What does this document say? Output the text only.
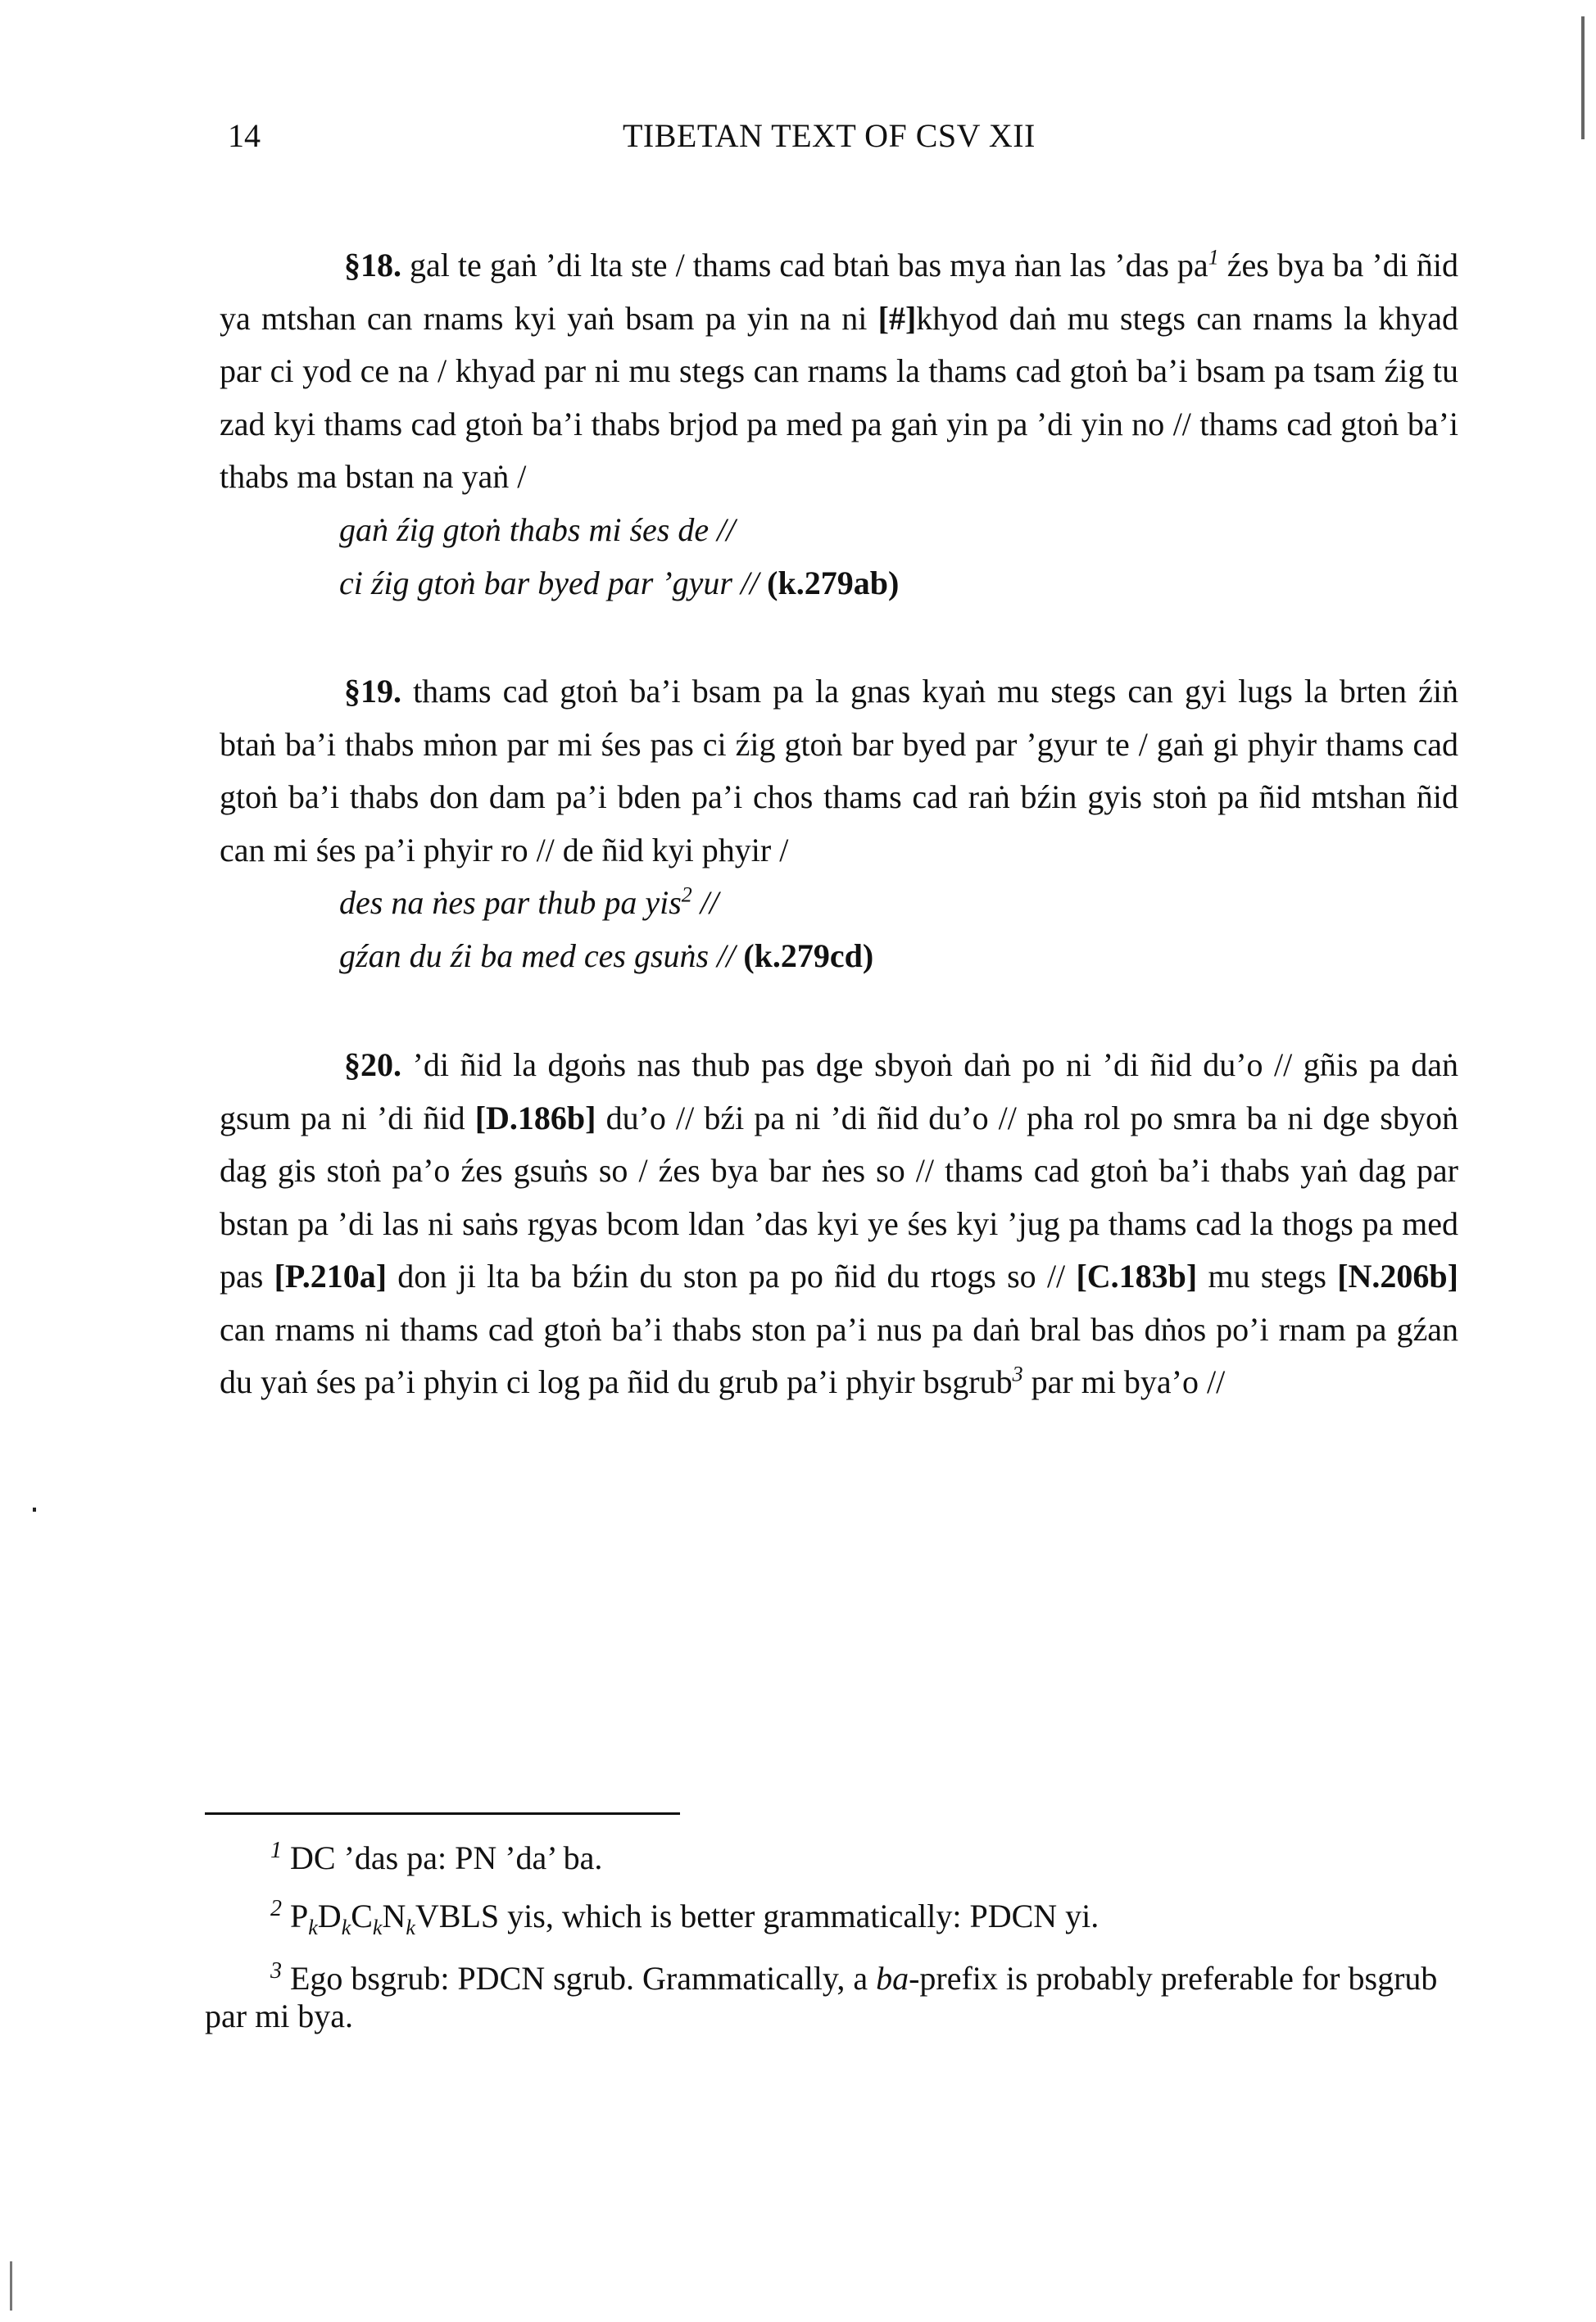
14	TIBETAN TEXT OF CSV XII

§18. gal te gaṅ ’di lta ste / thams cad btaṅ bas mya ṅan las ’das $pa^1$ źes bya ba ’di ñid ya mtshan can rnams kyi yaṅ bsam pa yin na ni [#]khyod daṅ mu stegs can rnams la khyad par ci yod ce na / khyad par ni mu stegs can rnams la thams cad gtoṅ ba’i bsam pa tsam źig tu zad kyi thams cad gtoṅ ba’i thabs brjod pa med pa gaṅ yin pa ’di yin no // thams cad gtoṅ ba’i thabs ma bstan na yaṅ /

gaṅ źig gtoṅ thabs mi śes de //
ci źig gtoṅ bar byed par ’gyur // (k.279ab)

§19. thams cad gtoṅ ba’i bsam pa la gnas kyaṅ mu stegs can gyi lugs la brten źiṅ btaṅ ba’i thabs mṅon par mi śes pas ci źig gtoṅ bar byed par ’gyur te / gaṅ gi phyir thams cad gtoṅ ba’i thabs don dam pa’i bden pa’i chos thams cad raṅ bźin gyis stoṅ pa ñid mtshan ñid can mi śes pa’i phyir ro // de ñid kyi phyir /

des na ṅes par thub pa yis$^2$ //
gźan du źi ba med ces gsuṅs // (k.279cd)

§20. ’di ñid la dgoṅs nas thub pas dge sbyoṅ daṅ po ni ’di ñid du’o // gñis pa daṅ gsum pa ni ’di ñid [D.186b] du’o // bźi pa ni ’di ñid du’o // pha rol po smra ba ni dge sbyoṅ dag gis stoṅ pa’o źes gsuṅs so / źes bya bar ṅes so // thams cad gtoṅ ba’i thabs yaṅ dag par bstan pa ’di las ni saṅs rgyas bcom ldan ’das kyi ye śes kyi ’jug pa thams cad la thogs pa med pas [P.210a] don ji lta ba bźin du ston pa po ñid du rtogs so // [C.183b] mu stegs [N.206b] can rnams ni thams cad gtoṅ ba’i thabs ston pa’i nus pa daṅ bral bas dṅos po’i rnam pa gźan du yaṅ śes pa’i phyin ci log pa ñid du grub pa’i phyir bsgrub$^3$ par mi bya’o //

$^1$ DC ’das pa: PN ’da’ ba.
$^2$ $P_kD_kC_kN_kVBLS$ yis, which is better grammatically: PDCN yi.
$^3$ Ego bsgrub: PDCN sgrub. Grammatically, a ba-prefix is probably preferable for bsgrub par mi bya.
